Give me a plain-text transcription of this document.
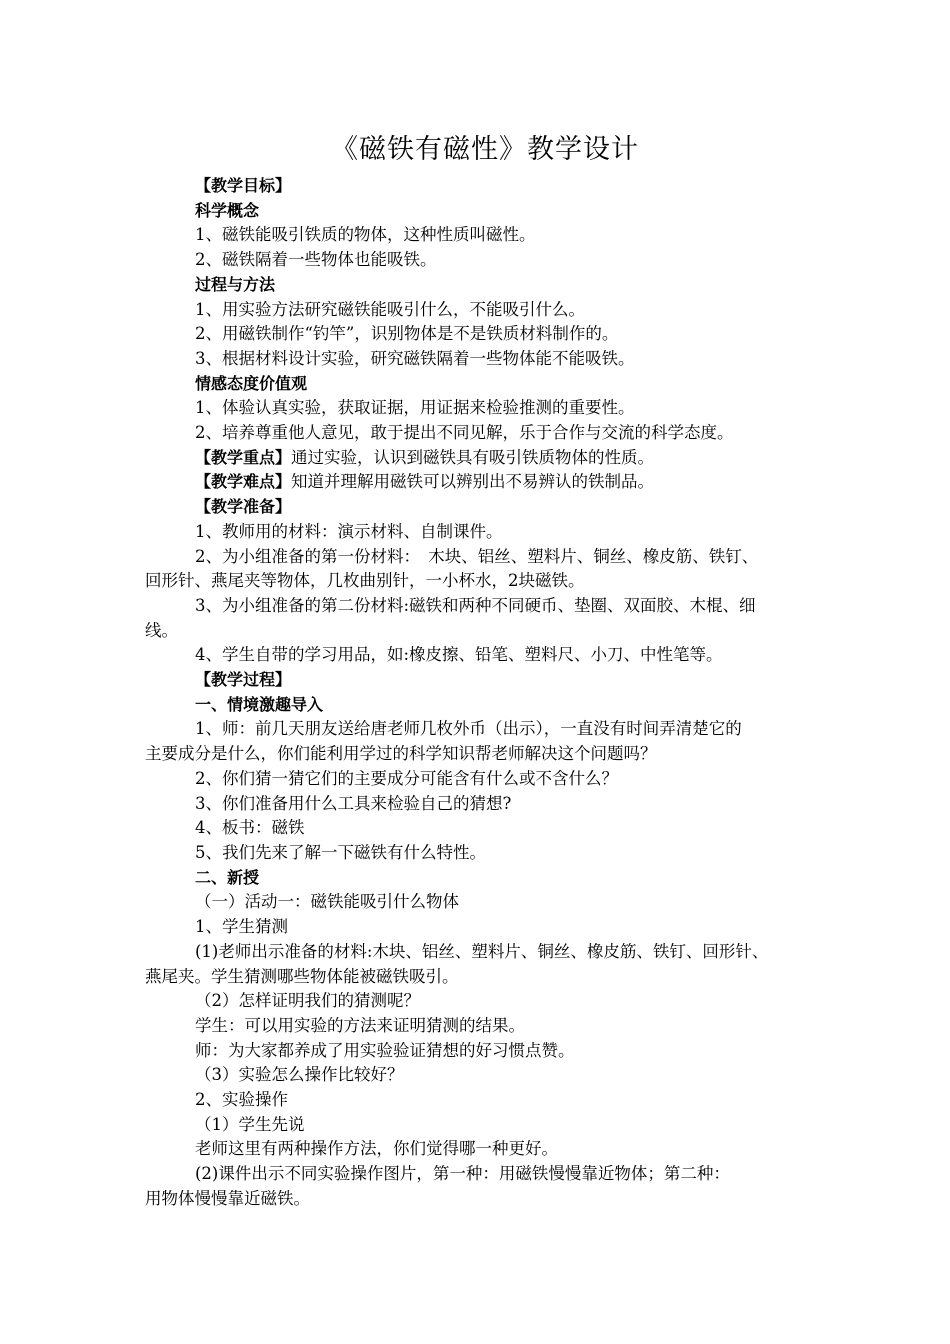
《磁铁有磁性》教学设计

【教学目标】

科学概念

1、磁铁能吸引铁质的物体，这种性质叫磁性。

2、磁铁隔着一些物体也能吸铁。

过程与方法

1、用实验方法研究磁铁能吸引什么，不能吸引什么。

2、用磁铁制作“钓竿”，识别物体是不是铁质材料制作的。

3、根据材料设计实验，研究磁铁隔着一些物体能不能吸铁。

情感态度价值观

1、体验认真实验，获取证据，用证据来检验推测的重要性。

2、培养尊重他人意见，敢于提出不同见解，乐于合作与交流的科学态度。

【教学重点】通过实验，认识到磁铁具有吸引铁质物体的性质。

【教学难点】知道并理解用磁铁可以辨别出不易辨认的铁制品。

【教学准备】

1、教师用的材料：演示材料、自制课件。

2、为小组准备的第一份材料：　木块、铝丝、塑料片、铜丝、橡皮筋、铁钉、

回形针、燕尾夹等物体，几枚曲别针，一小杯水，2块磁铁。

3、为小组准备的第二份材料:磁铁和两种不同硬币、垫圈、双面胶、木棍、细

线。

4、学生自带的学习用品，如:橡皮擦、铅笔、塑料尺、小刀、中性笔等。

【教学过程】

一、情境激趣导入

1、师：前几天朋友送给唐老师几枚外币（出示），一直没有时间弄清楚它的

主要成分是什么，你们能利用学过的科学知识帮老师解决这个问题吗？

2、你们猜一猜它们的主要成分可能含有什么或不含什么？

3、你们准备用什么工具来检验自己的猜想?

4、板书：磁铁

5、我们先来了解一下磁铁有什么特性。

二、新授

（一）活动一：磁铁能吸引什么物体

1、学生猜测

(1)老师出示准备的材料:木块、铝丝、塑料片、铜丝、橡皮筋、铁钉、回形针、

燕尾夹。学生猜测哪些物体能被磁铁吸引。

（2）怎样证明我们的猜测呢？

学生：可以用实验的方法来证明猜测的结果。

师：为大家都养成了用实验验证猜想的好习惯点赞。

（3）实验怎么操作比较好？

2、实验操作

（1）学生先说

老师这里有两种操作方法，你们觉得哪一种更好。

(2)课件出示不同实验操作图片，第一种：用磁铁慢慢靠近物体；第二种：

用物体慢慢靠近磁铁。
